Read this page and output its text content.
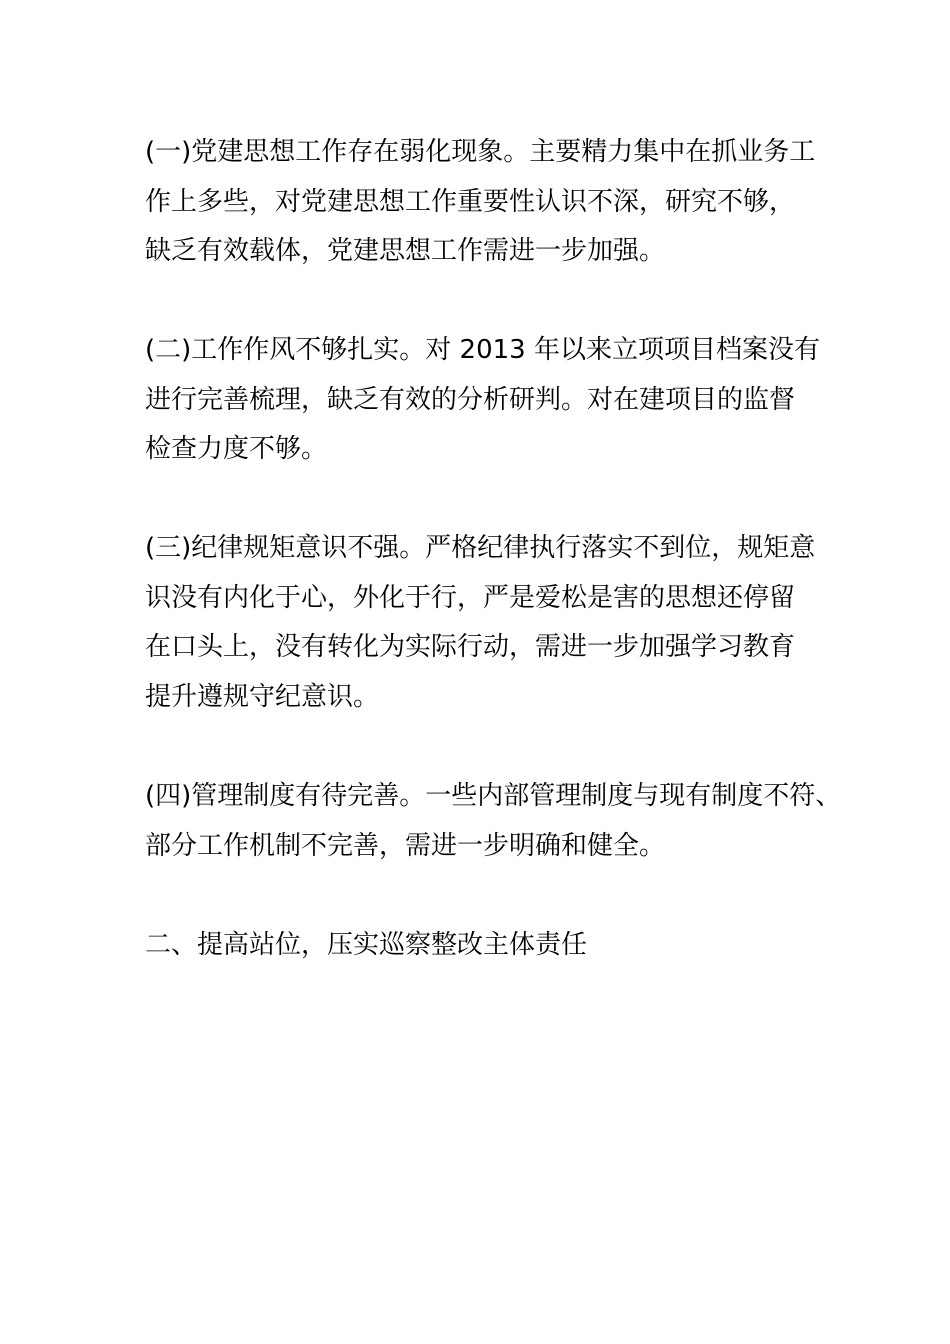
(一)党建思想工作存在弱化现象。主要精力集中在抓业务工
作上多些，对党建思想工作重要性认识不深，研究不够，
缺乏有效载体，党建思想工作需进一步加强。
(二)工作作风不够扎实。对 2013 年以来立项项目档案没有
进行完善梳理，缺乏有效的分析研判。对在建项目的监督
检查力度不够。
(三)纪律规矩意识不强。严格纪律执行落实不到位，规矩意
识没有内化于心，外化于行，严是爱松是害的思想还停留
在口头上，没有转化为实际行动，需进一步加强学习教育
提升遵规守纪意识。
(四)管理制度有待完善。一些内部管理制度与现有制度不符、
部分工作机制不完善，需进一步明确和健全。
二、提高站位，压实巡察整改主体责任
